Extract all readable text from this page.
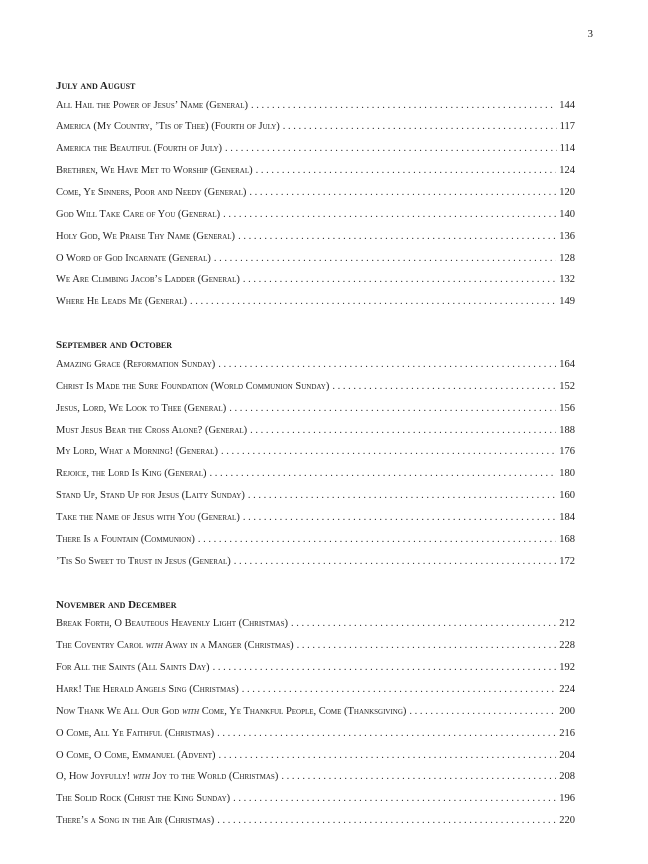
3
July and August
All Hail the Power of Jesus’ Name (General) . . .	144
America (My Country, ’Tis of Thee) (Fourth of July) . . .	117
America the Beautiful (Fourth of July) . . .	114
Brethren, We Have Met to Worship (General) . . .	124
Come, Ye Sinners, Poor and Needy (General) . . .	120
God Will Take Care of You (General) . . .	140
Holy God, We Praise Thy Name (General) . . .	136
O Word of God Incarnate (General) . . .	128
We Are Climbing Jacob’s Ladder (General) . . .	132
Where He Leads Me (General) . . .	149
September and October
Amazing Grace (Reformation Sunday) . . .	164
Christ Is Made the Sure Foundation (World Communion Sunday) . . .	152
Jesus, Lord, We Look to Thee (General) . . .	156
Must Jesus Bear the Cross Alone? (General) . . .	188
My Lord, What a Morning! (General) . . .	176
Rejoice, the Lord Is King (General) . . .	180
Stand Up, Stand Up for Jesus (Laity Sunday) . . .	160
Take the Name of Jesus with You (General) . . .	184
There Is a Fountain (Communion) . . .	168
’Tis So Sweet to Trust in Jesus (General) . . .	172
November and December
Break Forth, O Beauteous Heavenly Light (Christmas) . . .	212
The Coventry Carol with Away in a Manger (Christmas) . . .	228
For All the Saints (All Saints Day) . . .	192
Hark! The Herald Angels Sing (Christmas) . . .	224
Now Thank We All Our God with Come, Ye Thankful People, Come (Thanksgiving) . . .	200
O Come, All Ye Faithful (Christmas) . . .	216
O Come, O Come, Emmanuel (Advent) . . .	204
O, How Joyfully! with Joy to the World (Christmas) . . .	208
The Solid Rock (Christ the King Sunday) . . .	196
There’s a Song in the Air (Christmas) . . .	220
